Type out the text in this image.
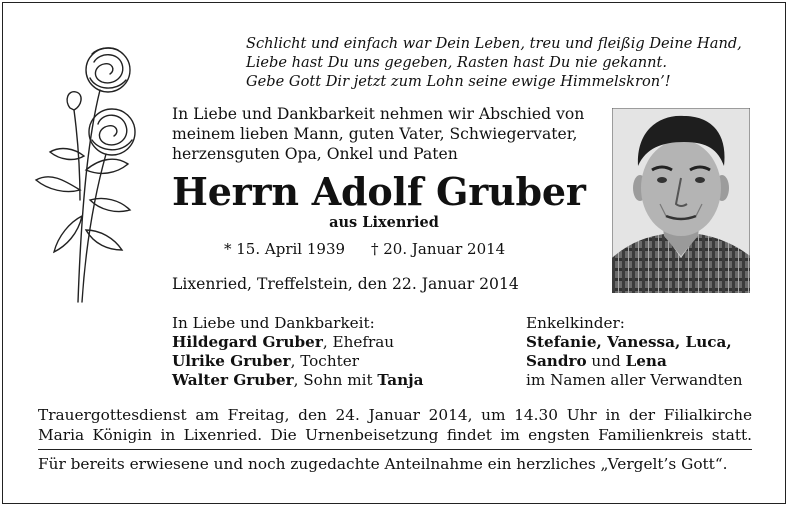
Schlicht und einfach war Dein Leben, treu und fleißig Deine Hand,
Liebe hast Du uns gegeben, Rasten hast Du nie gekannt.
Gebe Gott Dir jetzt zum Lohn seine ewige Himmelskron’!
In Liebe und Dankbarkeit nehmen wir Abschied von
meinem lieben Mann, guten Vater, Schwiegervater,
herzensguten Opa, Onkel und Paten
Herrn Adolf Gruber
aus Lixenried
* 15. April 1939 † 20. Januar 2014
Lixenried, Treffelstein, den 22. Januar 2014
In Liebe und Dankbarkeit:
Hildegard Gruber, Ehefrau
Ulrike Gruber, Tochter
Walter Gruber, Sohn mit Tanja
Enkelkinder:
Stefanie, Vanessa, Luca,
Sandro und Lena
im Namen aller Verwandten
Trauergottesdienst am Freitag, den 24. Januar 2014, um 14.30 Uhr in der Filialkirche
Maria Königin in Lixenried. Die Urnenbeisetzung findet im engsten Familienkreis statt.
Für bereits erwiesene und noch zugedachte Anteilnahme ein herzliches „Vergelt’s Gott“.
